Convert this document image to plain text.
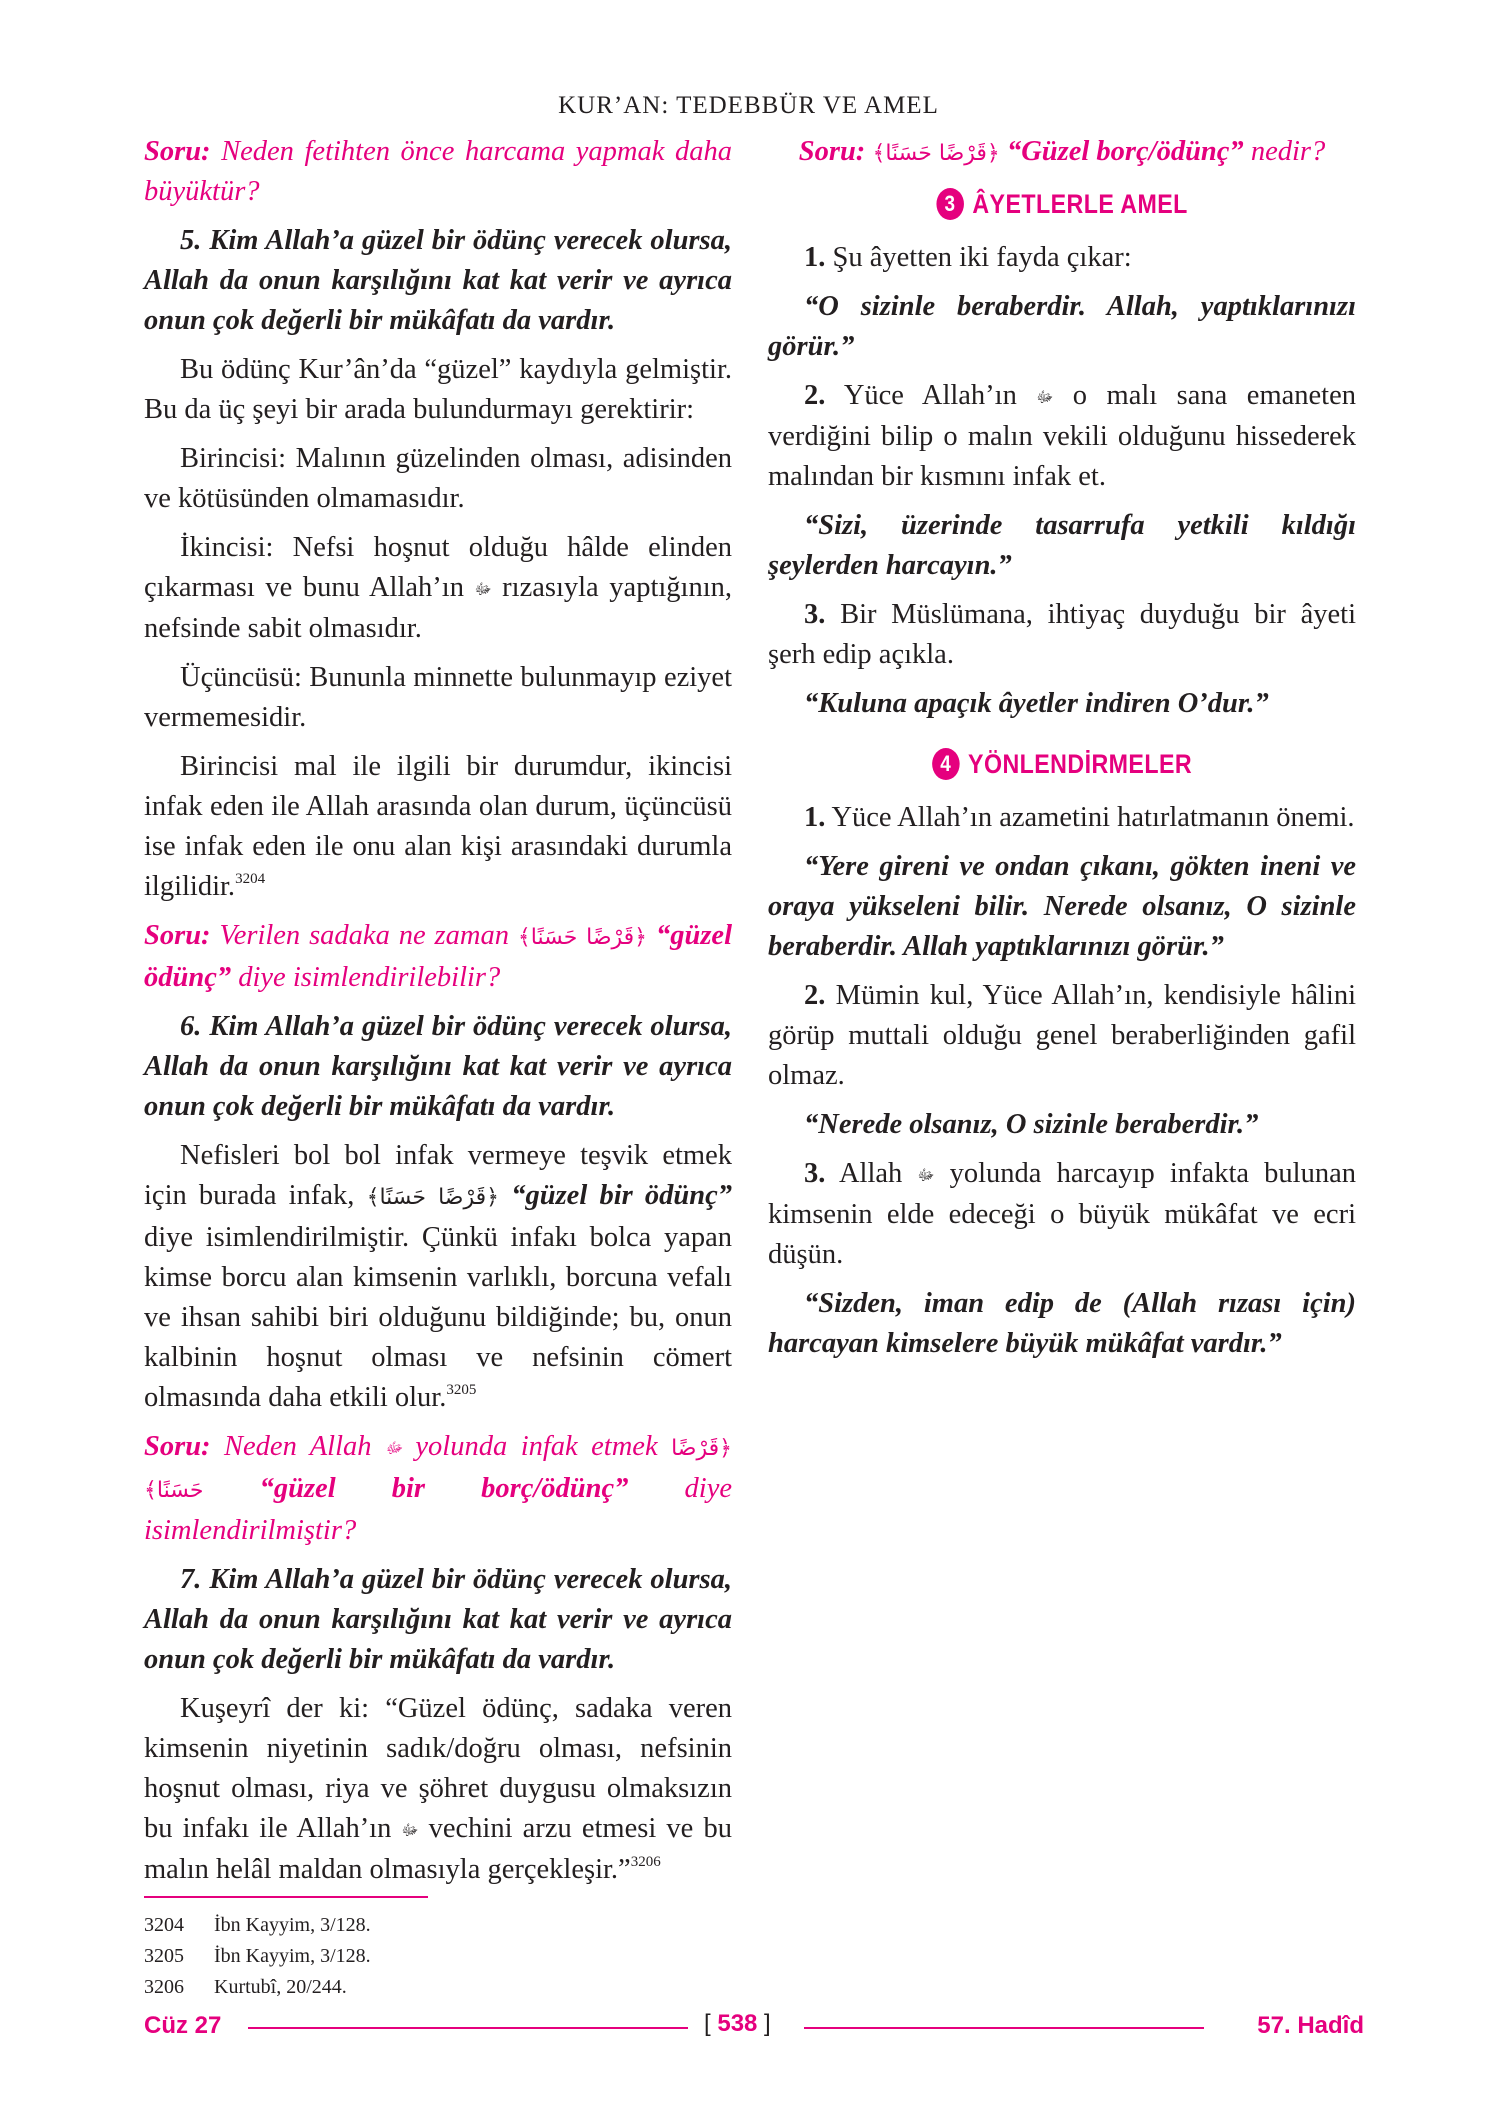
KUR’AN: TEDEBBÜR VE AMEL

Soru: Neden fetihten önce harcama yapmak daha büyüktür?

5. Kim Allah’a güzel bir ödünç verecek olursa, Allah da onun karşılığını kat kat verir ve ayrıca onun çok değerli bir mükâfatı da vardır.

Bu ödünç Kur’ân’da “güzel” kaydıyla gelmiştir. Bu da üç şeyi bir arada bulundurmayı gerektirir:

Birincisi: Malının güzelinden olması, adisinden ve kötüsünden olmamasıdır.

İkincisi: Nefsi hoşnut olduğu hâlde elinden çıkarması ve bunu Allah’ın ﷻ rızasıyla yaptığının, nefsinde sabit olmasıdır.

Üçüncüsü: Bununla minnette bulunmayıp eziyet vermemesidir.

Birincisi mal ile ilgili bir durumdur, ikincisi infak eden ile Allah arasında olan durum, üçüncüsü ise infak eden ile onu alan kişi arasındaki durumla ilgilidir.$^{3204}$

Soru: Verilen sadaka ne zaman ﴿قَرْضًا حَسَنًا﴾ “güzel ödünç” diye isimlendirilebilir?

6. Kim Allah’a güzel bir ödünç verecek olursa, Allah da onun karşılığını kat kat verir ve ayrıca onun çok değerli bir mükâfatı da vardır.

Nefisleri bol bol infak vermeye teşvik etmek için burada infak, ﴿قَرْضًا حَسَنًا﴾ “güzel bir ödünç” diye isimlendirilmiştir. Çünkü infakı bolca yapan kimse borcu alan kimsenin varlıklı, borcuna vefalı ve ihsan sahibi biri olduğunu bildiğinde; bu, onun kalbinin hoşnut olması ve nefsinin cömert olmasında daha etkili olur.$^{3205}$

Soru: Neden Allah ﷻ yolunda infak etmek ﴿قَرْضًا حَسَنًا﴾ “güzel bir borç/ödünç” diye isimlendirilmiştir?

7. Kim Allah’a güzel bir ödünç verecek olursa, Allah da onun karşılığını kat kat verir ve ayrıca onun çok değerli bir mükâfatı da vardır.

Kuşeyrî der ki: “Güzel ödünç, sadaka veren kimsenin niyetinin sadık/doğru olması, nefsinin hoşnut olması, riya ve şöhret duygusu olmaksızın bu infakı ile Allah’ın ﷻ vechini arzu etmesi ve bu malın helâl maldan olmasıyla gerçekleşir.”$^{3206}$

Soru: ﴿قَرْضًا حَسَنًا﴾ “Güzel borç/ödünç” nedir?

3 ÂYETLERLE AMEL

1. Şu âyetten iki fayda çıkar:

“O sizinle beraberdir. Allah, yaptıklarınızı görür.”

2. Yüce Allah’ın ﷻ o malı sana emaneten verdiğini bilip o malın vekili olduğunu hissederek malından bir kısmını infak et.

“Sizi, üzerinde tasarrufa yetkili kıldığı şeylerden harcayın.”

3. Bir Müslümana, ihtiyaç duyduğu bir âyeti şerh edip açıkla.

“Kuluna apaçık âyetler indiren O’dur.”

4 YÖNLENDİRMELER

1. Yüce Allah’ın azametini hatırlatmanın önemi.

“Yere gireni ve ondan çıkanı, gökten ineni ve oraya yükseleni bilir. Nerede olsanız, O sizinle beraberdir. Allah yaptıklarınızı görür.”

2. Mümin kul, Yüce Allah’ın, kendisiyle hâlini görüp muttali olduğu genel beraberliğinden gafil olmaz.

“Nerede olsanız, O sizinle beraberdir.”

3. Allah ﷻ yolunda harcayıp infakta bulunan kimsenin elde edeceği o büyük mükâfat ve ecri düşün.

“Sizden, iman edip de (Allah rızası için) harcayan kimselere büyük mükâfat vardır.”

3204 İbn Kayyim, 3/128.
3205 İbn Kayyim, 3/128.
3206 Kurtubî, 20/244.
Cüz 27	[ 538 ]	57. Hadîd
